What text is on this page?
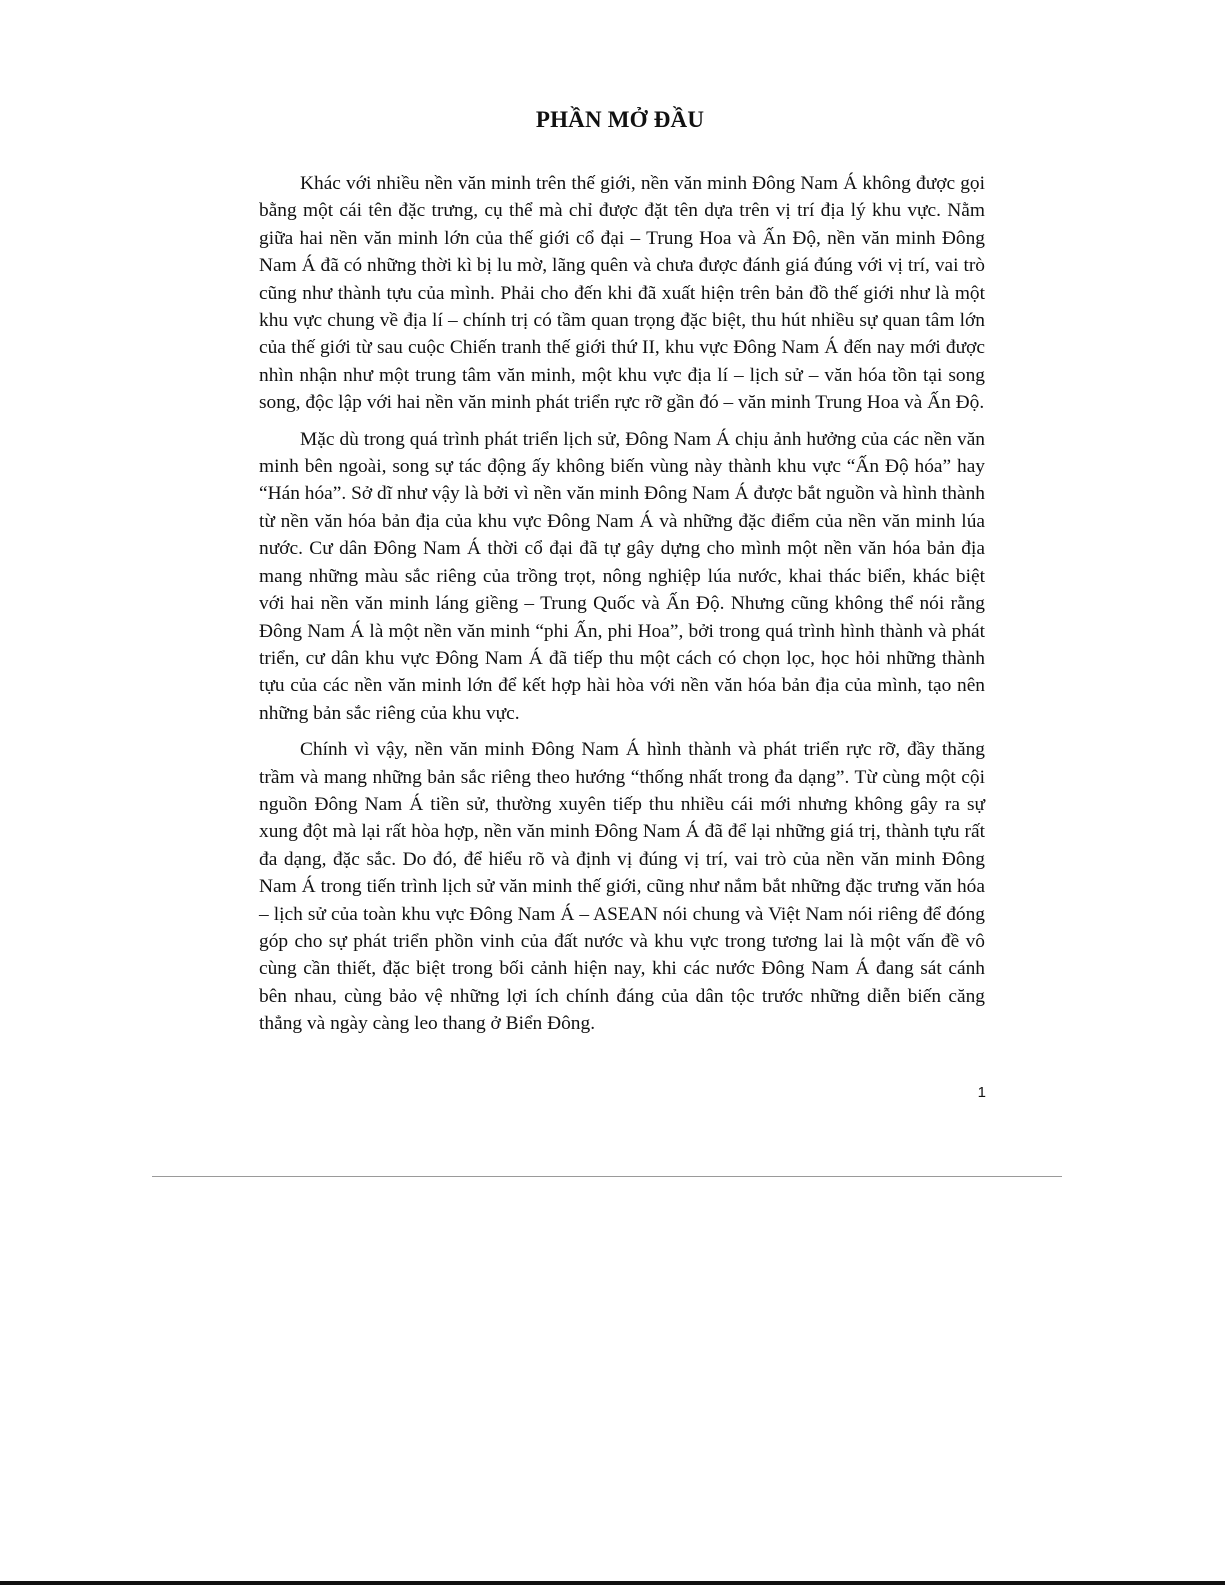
PHẦN MỞ ĐẦU

Khác với nhiều nền văn minh trên thế giới, nền văn minh Đông Nam Á không được gọi bằng một cái tên đặc trưng, cụ thể mà chỉ được đặt tên dựa trên vị trí địa lý khu vực. Nằm giữa hai nền văn minh lớn của thế giới cổ đại – Trung Hoa và Ấn Độ, nền văn minh Đông Nam Á đã có những thời kì bị lu mờ, lãng quên và chưa được đánh giá đúng với vị trí, vai trò cũng như thành tựu của mình. Phải cho đến khi đã xuất hiện trên bản đồ thế giới như là một khu vực chung về địa lí – chính trị có tầm quan trọng đặc biệt, thu hút nhiều sự quan tâm lớn của thế giới từ sau cuộc Chiến tranh thế giới thứ II, khu vực Đông Nam Á đến nay mới được nhìn nhận như một trung tâm văn minh, một khu vực địa lí – lịch sử – văn hóa tồn tại song song, độc lập với hai nền văn minh phát triển rực rỡ gần đó – văn minh Trung Hoa và Ấn Độ.

Mặc dù trong quá trình phát triển lịch sử, Đông Nam Á chịu ảnh hưởng của các nền văn minh bên ngoài, song sự tác động ấy không biến vùng này thành khu vực “Ấn Độ hóa” hay “Hán hóa”. Sở dĩ như vậy là bởi vì nền văn minh Đông Nam Á được bắt nguồn và hình thành từ nền văn hóa bản địa của khu vực Đông Nam Á và những đặc điểm của nền văn minh lúa nước. Cư dân Đông Nam Á thời cổ đại đã tự gây dựng cho mình một nền văn hóa bản địa mang những màu sắc riêng của trồng trọt, nông nghiệp lúa nước, khai thác biển, khác biệt với hai nền văn minh láng giềng – Trung Quốc và Ấn Độ. Nhưng cũng không thể nói rằng Đông Nam Á là một nền văn minh “phi Ấn, phi Hoa”, bởi trong quá trình hình thành và phát triển, cư dân khu vực Đông Nam Á đã tiếp thu một cách có chọn lọc, học hỏi những thành tựu của các nền văn minh lớn để kết hợp hài hòa với nền văn hóa bản địa của mình, tạo nên những bản sắc riêng của khu vực.

Chính vì vậy, nền văn minh Đông Nam Á hình thành và phát triển rực rỡ, đầy thăng trầm và mang những bản sắc riêng theo hướng “thống nhất trong đa dạng”. Từ cùng một cội nguồn Đông Nam Á tiền sử, thường xuyên tiếp thu nhiều cái mới nhưng không gây ra sự xung đột mà lại rất hòa hợp, nền văn minh Đông Nam Á đã để lại những giá trị, thành tựu rất đa dạng, đặc sắc. Do đó, để hiểu rõ và định vị đúng vị trí, vai trò của nền văn minh Đông Nam Á trong tiến trình lịch sử văn minh thế giới, cũng như nắm bắt những đặc trưng văn hóa – lịch sử của toàn khu vực Đông Nam Á – ASEAN nói chung và Việt Nam nói riêng để đóng góp cho sự phát triển phồn vinh của đất nước và khu vực trong tương lai là một vấn đề vô cùng cần thiết, đặc biệt trong bối cảnh hiện nay, khi các nước Đông Nam Á đang sát cánh bên nhau, cùng bảo vệ những lợi ích chính đáng của dân tộc trước những diễn biến căng thẳng và ngày càng leo thang ở Biển Đông.

1
